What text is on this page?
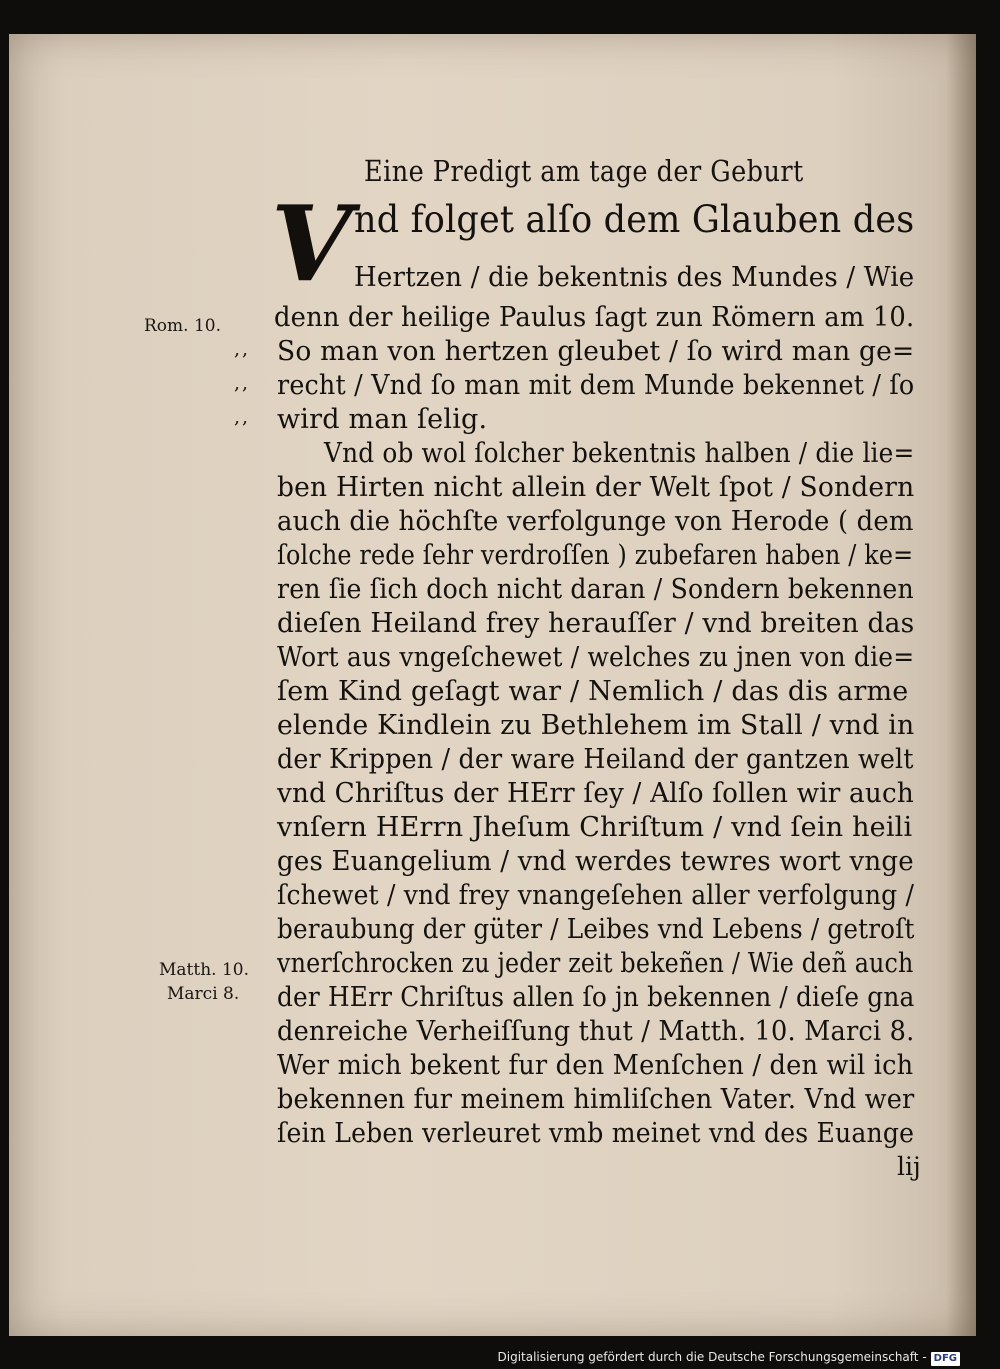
Eine Predigt am tage der Geburt
V nd folget alſo dem Glauben des
Hertzen / die bekentnis des Mundes / Wie
denn der heilige Paulus ſagt zun Römern am 10.
So man von hertzen gleubet / ſo wird man ge=
recht / Vnd ſo man mit dem Munde bekennet / ſo
wird man ſelig.
Vnd ob wol ſolcher bekentnis halben / die lie=
ben Hirten nicht allein der Welt ſpot / Sondern
auch die höchſte verfolgunge von Herode ( dem
ſolche rede ſehr verdroſſen ) zubefaren haben / ke=
ren ſie ſich doch nicht daran / Sondern bekennen
dieſen Heiland frey herauſſer / vnd breiten das
Wort aus vngeſchewet / welches zu jnen von die=
ſem Kind geſagt war / Nemlich / das dis arme
elende Kindlein zu Bethlehem im Stall / vnd in
der Krippen / der ware Heiland der gantzen welt
vnd Chriſtus der HErr ſey / Alſo ſollen wir auch
vnſern HErrn Jheſum Chriſtum / vnd ſein heili
ges Euangelium / vnd werdes tewres wort vnge
ſchewet / vnd frey vnangeſehen aller verfolgung /
beraubung der güter / Leibes vnd Lebens / getroſt
vnerſchrocken zu jeder zeit bekeñen / Wie deñ auch
der HErr Chriſtus allen ſo jn bekennen / dieſe gna
denreiche Verheiſſung thut / Matth. 10. Marci 8.
Wer mich bekent fur den Menſchen / den wil ich
bekennen fur meinem himliſchen Vater. Vnd wer
ſein Leben verleuret vmb meinet vnd des Euange
lij
Rom. 10.
Matth. 10.
Marci 8.
,,
,,
,,
Digitalisierung gefördert durch die Deutsche Forschungsgemeinschaft - DFG
